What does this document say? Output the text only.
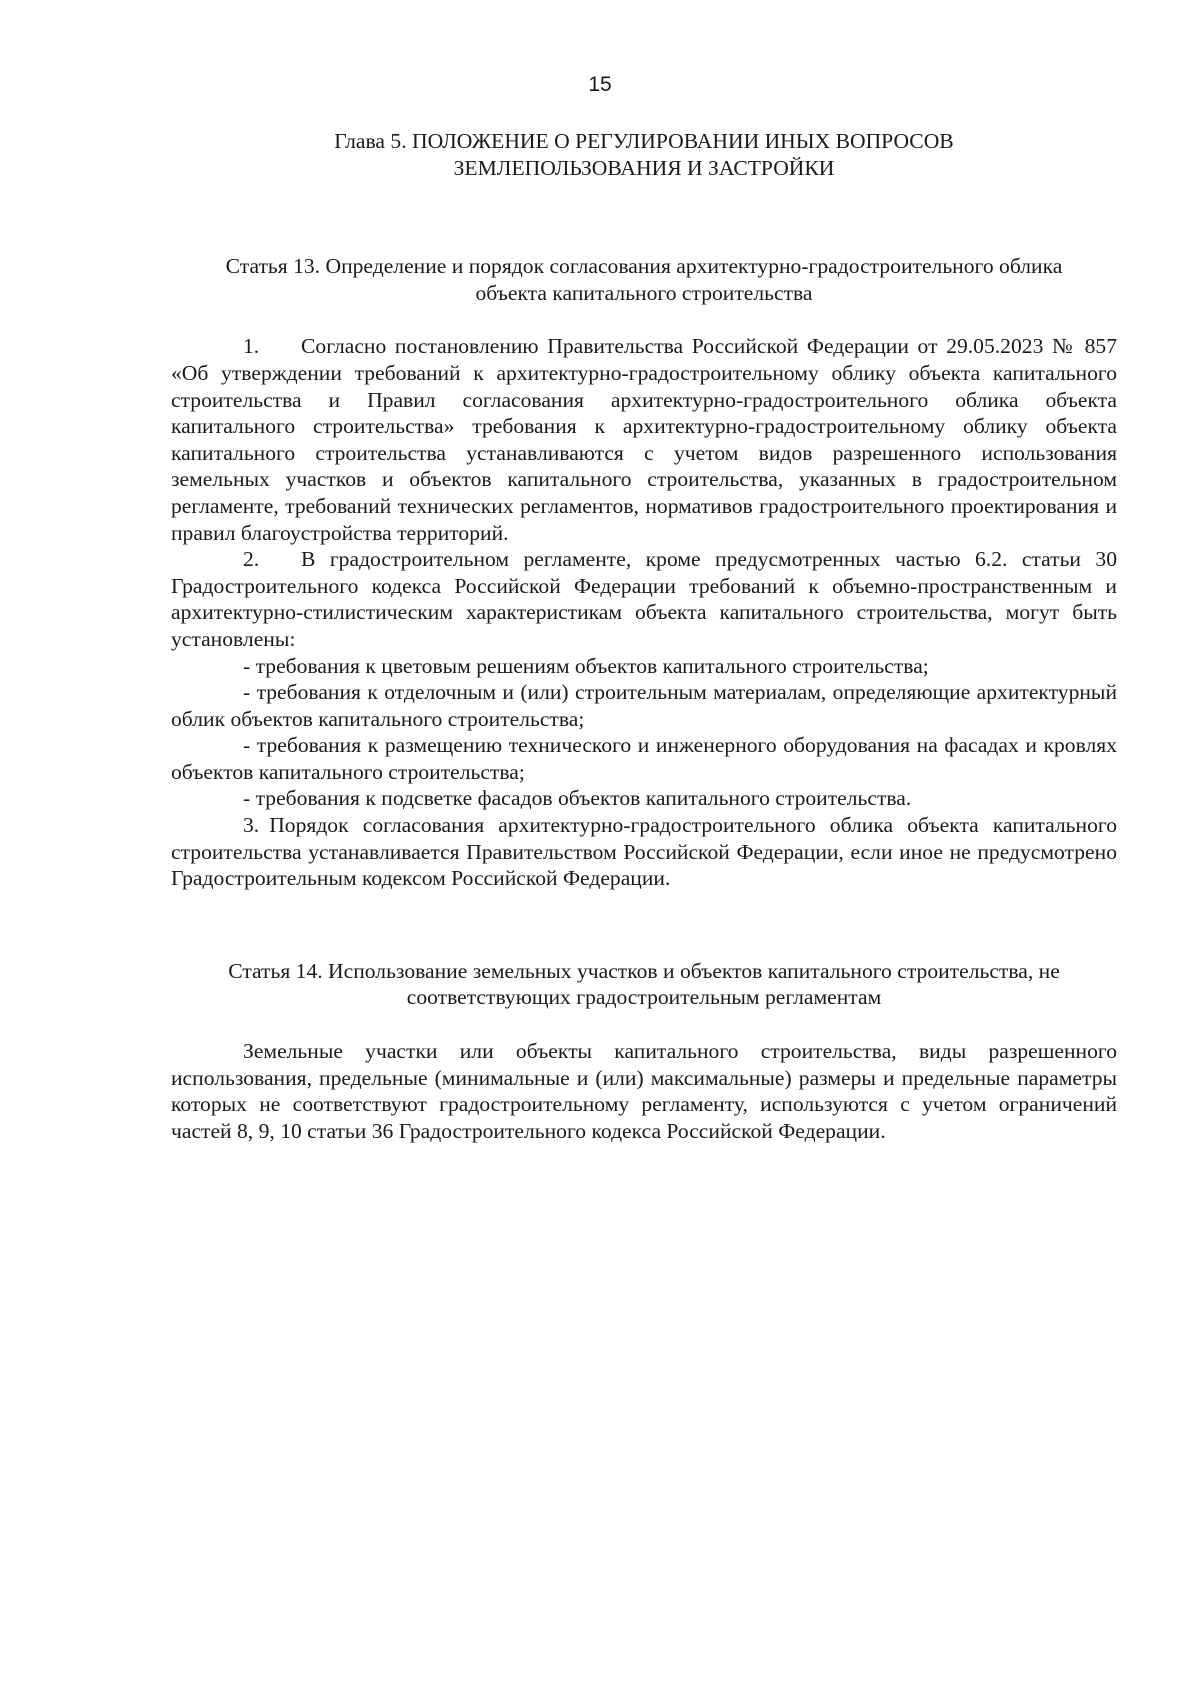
15
Глава 5. ПОЛОЖЕНИЕ О РЕГУЛИРОВАНИИ ИНЫХ ВОПРОСОВ
ЗЕМЛЕПОЛЬЗОВАНИЯ И ЗАСТРОЙКИ
Статья 13. Определение и порядок согласования архитектурно-градостроительного облика
объекта капитального строительства

1. Согласно постановлению Правительства Российской Федерации от 29.05.2023 № 857 «Об утверждении требований к архитектурно-градостроительному облику объекта капитального строительства и Правил согласования архитектурно-градостроительного облика объекта капитального строительства» требования к архитектурно-градостроительному облику объекта капитального строительства устанавливаются с учетом видов разрешенного использования земельных участков и объектов капитального строительства, указанных в градостроительном регламенте, требований технических регламентов, нормативов градостроительного проектирования и правил благоустройства территорий.

2. В градостроительном регламенте, кроме предусмотренных частью 6.2. статьи 30 Градостроительного кодекса Российской Федерации требований к объемно-пространственным и архитектурно-стилистическим характеристикам объекта капитального строительства, могут быть установлены:

- требования к цветовым решениям объектов капитального строительства;

- требования к отделочным и (или) строительным материалам, определяющие архитектурный облик объектов капитального строительства;

- требования к размещению технического и инженерного оборудования на фасадах и кровлях объектов капитального строительства;

- требования к подсветке фасадов объектов капитального строительства.

3. Порядок согласования архитектурно-градостроительного облика объекта капитального строительства устанавливается Правительством Российской Федерации, если иное не предусмотрено Градостроительным кодексом Российской Федерации.

Статья 14. Использование земельных участков и объектов капитального строительства, не
соответствующих градостроительным регламентам

Земельные участки или объекты капитального строительства, виды разрешенного использования, предельные (минимальные и (или) максимальные) размеры и предельные параметры которых не соответствуют градостроительному регламенту, используются с учетом ограничений частей 8, 9, 10 статьи 36 Градостроительного кодекса Российской Федерации.
